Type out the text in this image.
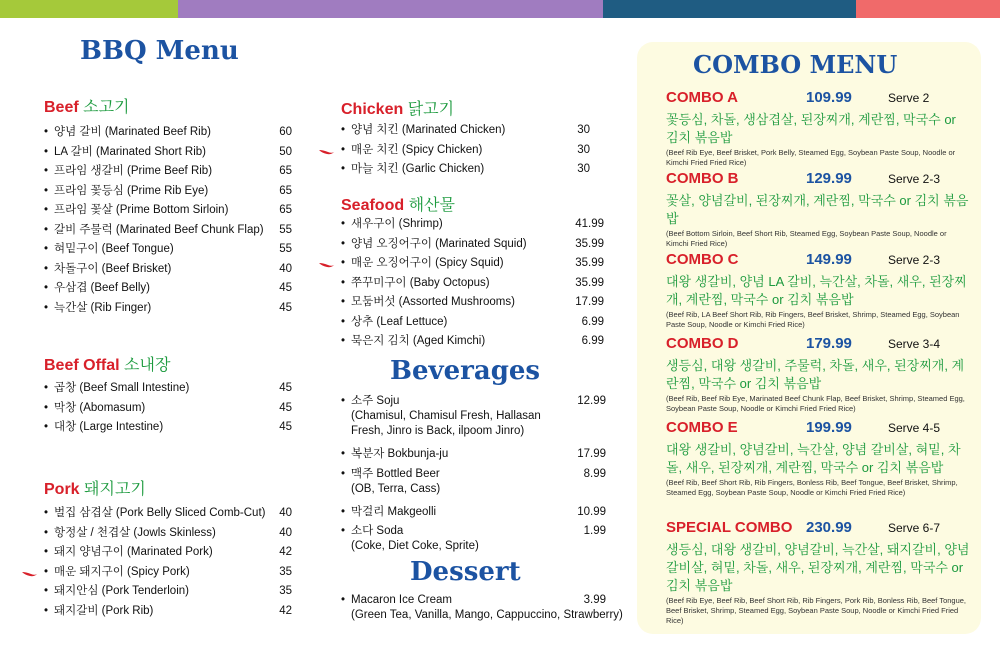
BBQ Menu
Beef 소고기
• 양념 갈비 (Marinated Beef Rib)	60
• LA 갈비 (Marinated Short Rib)	50
• 프라임 생갈비 (Prime Beef Rib)	65
• 프라임 꽃등심 (Prime Rib Eye)	65
• 프라임 꽃살 (Prime Bottom Sirloin)	65
• 갈비 주물럭 (Marinated Beef Chunk Flap) 55
• 혀밑구이 (Beef Tongue)	55
• 차돌구이 (Beef Brisket)	40
• 우삼겹 (Beef Belly)	45
• 늑간살 (Rib Finger)	45
Beef Offal 소내장
• 곱창 (Beef Small Intestine)	45
• 막창 (Abomasum)	45
• 대창 (Large Intestine)	45
Pork 돼지고기
• 벌집 삼겹살 (Pork Belly Sliced Comb-Cut) 40
• 항정살 / 천겹살 (Jowls Skinless)	40
• 돼지 양념구이 (Marinated Pork)	42
• 매운 돼지구이 (Spicy Pork)	35
• 돼지안심 (Pork Tenderloin)	35
• 돼지갈비 (Pork Rib)	42
Chicken 닭고기
• 양념 치킨 (Marinated Chicken)	30
• 매운 치킨 (Spicy Chicken)	30
• 마늘 치킨 (Garlic Chicken)	30
Seafood 해산물
• 새우구이 (Shrimp)	41.99
• 양념 오징어구이 (Marinated Squid)	35.99
• 매운 오징어구이 (Spicy Squid)	35.99
• 쭈꾸미구이 (Baby Octopus)	35.99
• 모둠버섯 (Assorted Mushrooms)	17.99
• 상추 (Leaf Lettuce)	6.99
• 묵은지 김치 (Aged Kimchi)	6.99
Beverages
• 소주 Soju	12.99
(Chamisul, Chamisul Fresh, Hallasan Fresh, Jinro is Back, ilpoom Jinro)
• 복분자 Bokbunja-ju	17.99
• 맥주 Bottled Beer	8.99
(OB, Terra, Cass)
• 막걸리 Makgeolli	10.99
• 소다 Soda	1.99
(Coke, Diet Coke, Sprite)
Dessert
• Macaron Ice Cream	3.99
(Green Tea, Vanilla, Mango, Cappuccino, Strawberry)
COMBO MENU
COMBO A	109.99	Serve 2
꽃등심, 차돌, 생삼겹살, 된장찌개, 계란찜, 막국수 or 김치 볶음밥
(Beef Rib Eye, Beef Brisket, Pork Belly, Steamed Egg, Soybean Paste Soup, Noodle or Kimchi Fried Fried Rice)
COMBO B	129.99	Serve 2-3
꽃살, 양념갈비, 된장찌개, 계란찜, 막국수 or 김치 볶음밥
(Beef Bottom Sirloin, Beef Short Rib, Steamed Egg, Soybean Paste Soup, Noodle or Kimchi Fried Rice)
COMBO C	149.99	Serve 2-3
대왕 생갈비, 양념 LA 갈비, 늑간살, 차돌, 새우, 된장찌개, 계란찜, 막국수 or 김치 볶음밥
(Beef Rib, LA Beef Short Rib, Rib Fingers, Beef Brisket, Shrimp, Steamed Egg, Soybean Paste Soup, Noodle or Kimchi Fried Rice)
COMBO D	179.99	Serve 3-4
생등심, 대왕 생갈비, 주물럭, 차돌, 새우, 된장찌개, 계란찜, 막국수 or 김치 볶음밥
(Beef Rib, Beef Rib Eye, Marinated Beef Chunk Flap, Beef Brisket, Shrimp, Steamed Egg, Soybean Paste Soup, Noodle or Kimchi Fried Fried Rice)
COMBO E	199.99	Serve 4-5
대왕 생갈비, 양념갈비, 늑간살, 양념 갈비살, 혀밑, 차돌, 새우, 된장찌개, 계란찜, 막국수 or 김치 볶음밥
(Beef Rib, Beef Short Rib, Rib Fingers, Bonless Rib, Beef Tongue, Beef Brisket, Shrimp, Steamed Egg, Soybean Paste Soup, Noodle or Kimchi Fried Fried Rice)
SPECIAL COMBO 230.99	Serve 6-7
생등심, 대왕 생갈비, 양념갈비, 늑간살, 돼지갈비, 양념 갈비살, 혀밑, 차돌, 새우, 된장찌개, 계란찜, 막국수 or 김치 볶음밥
(Beef Rib Eye, Beef Rib, Beef Short Rib, Rib Fingers, Pork Rib, Bonless Rib, Beef Tongue, Beef Brisket, Shrimp, Steamed Egg, Soybean Paste Soup, Noodle or Kimchi Fried Fried Rice)
